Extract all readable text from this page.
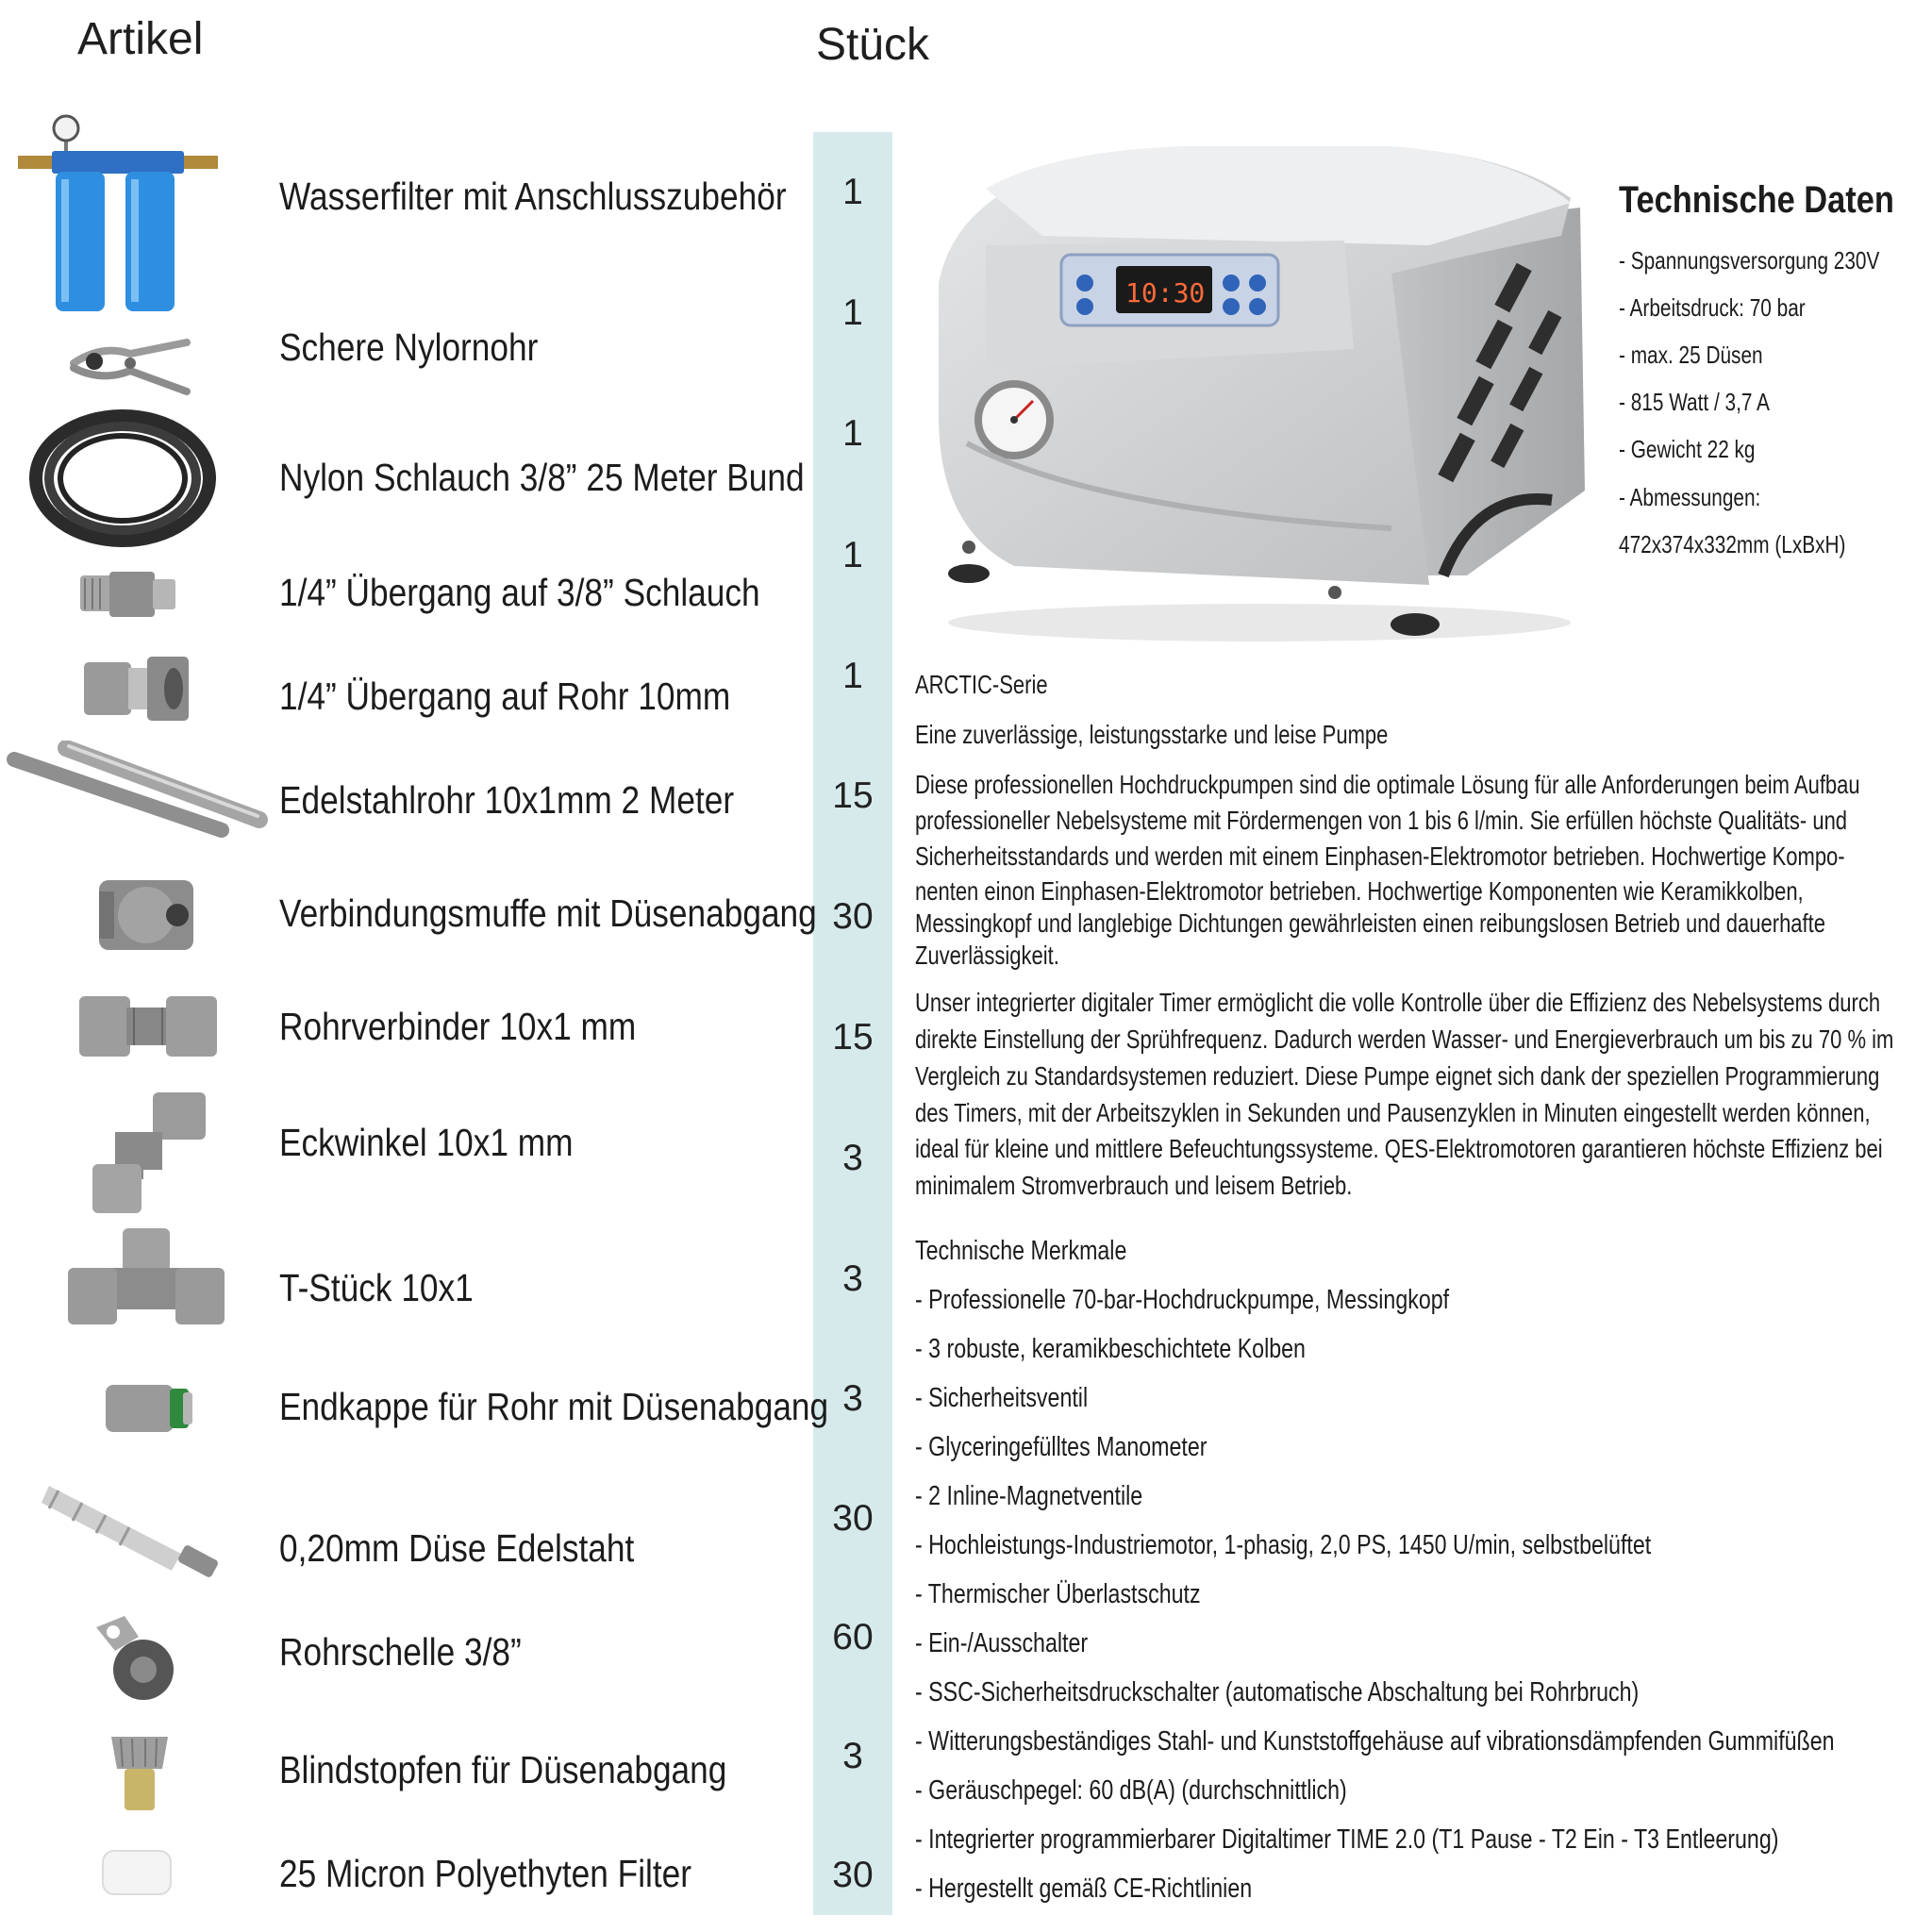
Artikel	Stück
Wasserfilter mit Anschlusszubehör
Schere Nylornohr
Nylon Schlauch 3/8” 25 Meter Bund
1/4” Übergang auf 3/8” Schlauch
1/4” Übergang auf Rohr 10mm
Edelstahlrohr 10x1mm 2 Meter
Verbindungsmuffe mit Düsenabgang
Rohrverbinder 10x1 mm
Eckwinkel 10x1 mm
T-Stück 10x1
Endkappe für Rohr mit Düsenabgang
0,20mm Düse Edelstaht
Rohrschelle 3/8”
Blindstopfen für Düsenabgang
25 Micron Polyethyten Filter
1
1
1
1
1
15
30
15
3
3
3
30
60
3
30
10:30
Technische Daten
- Spannungsversorgung 230V
- Arbeitsdruck: 70 bar
- max. 25 Düsen
- 815 Watt / 3,7 A
- Gewicht 22 kg
- Abmessungen:
472x374x332mm (LxBxH)
ARCTIC-Serie
Eine zuverlässige, leistungsstarke und leise Pumpe
Diese professionellen Hochdruckpumpen sind die optimale Lösung für alle Anforderungen beim Aufbau
professioneller Nebelsysteme mit Fördermengen von 1 bis 6 l/min. Sie erfüllen höchste Qualitäts- und
Sicherheitsstandards und werden mit einem Einphasen-Elektromotor betrieben. Hochwertige Kompo-
nenten einon Einphasen-Elektromotor betrieben. Hochwertige Komponenten wie Keramikkolben,
Messingkopf und langlebige Dichtungen gewährleisten einen reibungslosen Betrieb und dauerhafte
Zuverlässigkeit.
Unser integrierter digitaler Timer ermöglicht die volle Kontrolle über die Effizienz des Nebelsystems durch
direkte Einstellung der Sprühfrequenz. Dadurch werden Wasser- und Energieverbrauch um bis zu 70 % im
Vergleich zu Standardsystemen reduziert. Diese Pumpe eignet sich dank der speziellen Programmierung
des Timers, mit der Arbeitszyklen in Sekunden und Pausenzyklen in Minuten eingestellt werden können,
ideal für kleine und mittlere Befeuchtungssysteme. QES-Elektromotoren garantieren höchste Effizienz bei
minimalem Stromverbrauch und leisem Betrieb.
Technische Merkmale
- Professionelle 70-bar-Hochdruckpumpe, Messingkopf
- 3 robuste, keramikbeschichtete Kolben
- Sicherheitsventil
- Glyceringefülltes Manometer
- 2 Inline-Magnetventile
- Hochleistungs-Industriemotor, 1-phasig, 2,0 PS, 1450 U/min, selbstbelüftet
- Thermischer Überlastschutz
- Ein-/Ausschalter
- SSC-Sicherheitsdruckschalter (automatische Abschaltung bei Rohrbruch)
- Witterungsbeständiges Stahl- und Kunststoffgehäuse auf vibrationsdämpfenden Gummifüßen
- Geräuschpegel: 60 dB(A) (durchschnittlich)
- Integrierter programmierbarer Digitaltimer TIME 2.0 (T1 Pause - T2 Ein - T3 Entleerung)
- Hergestellt gemäß CE-Richtlinien
